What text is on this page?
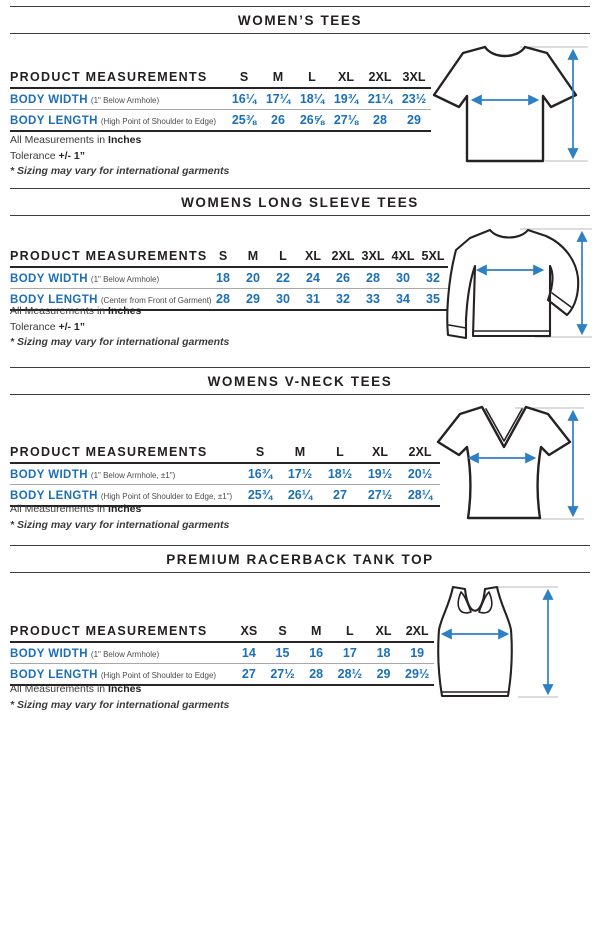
WOMEN’S TEES
PRODUCT MEASUREMENTS	S	M	L	XL	2XL 3XL
BODY WIDTH (1" Below Armhole)	16¼ 17¼ 18¼ 19¾ 21¼ 23½
BODY LENGTH (High Point of Shoulder to Edge)	25⅜	26	26⅝ 27⅛	28	29
All Measurements in Inches
Tolerance +/- 1”
* Sizing may vary for international garments
WOMENS LONG SLEEVE TEES
PRODUCT MEASUREMENTS S	M	L	XL 2XL 3XL 4XL 5XL
BODY WIDTH (1" Below Armhole)	18	20	22	24	26	28	30	32
BODY LENGTH (Center from Front of Garment) 28	29	30	31	32	33	34	35
All Measurements in Inches
Tolerance +/- 1”
* Sizing may vary for international garments
WOMENS V-NECK TEES
PRODUCT MEASUREMENTS	S	M	L	XL	2XL
BODY WIDTH (1" Below Armhole, ±1")	16¾	17½	18½	19½	20½
BODY LENGTH (High Point of Shoulder to Edge, ±1")	25¾	26¼	27	27½	28¼
All Measurements in Inches
* Sizing may vary for international garments
PREMIUM RACERBACK TANK TOP
PRODUCT MEASUREMENTS	XS	S	M	L	XL	2XL
BODY WIDTH (1" Below Armhole)	14	15	16	17	18	19
BODY LENGTH (High Point of Shoulder to Edge)	27	27½	28	28½	29	29½
All Measurements in Inches
* Sizing may vary for international garments
